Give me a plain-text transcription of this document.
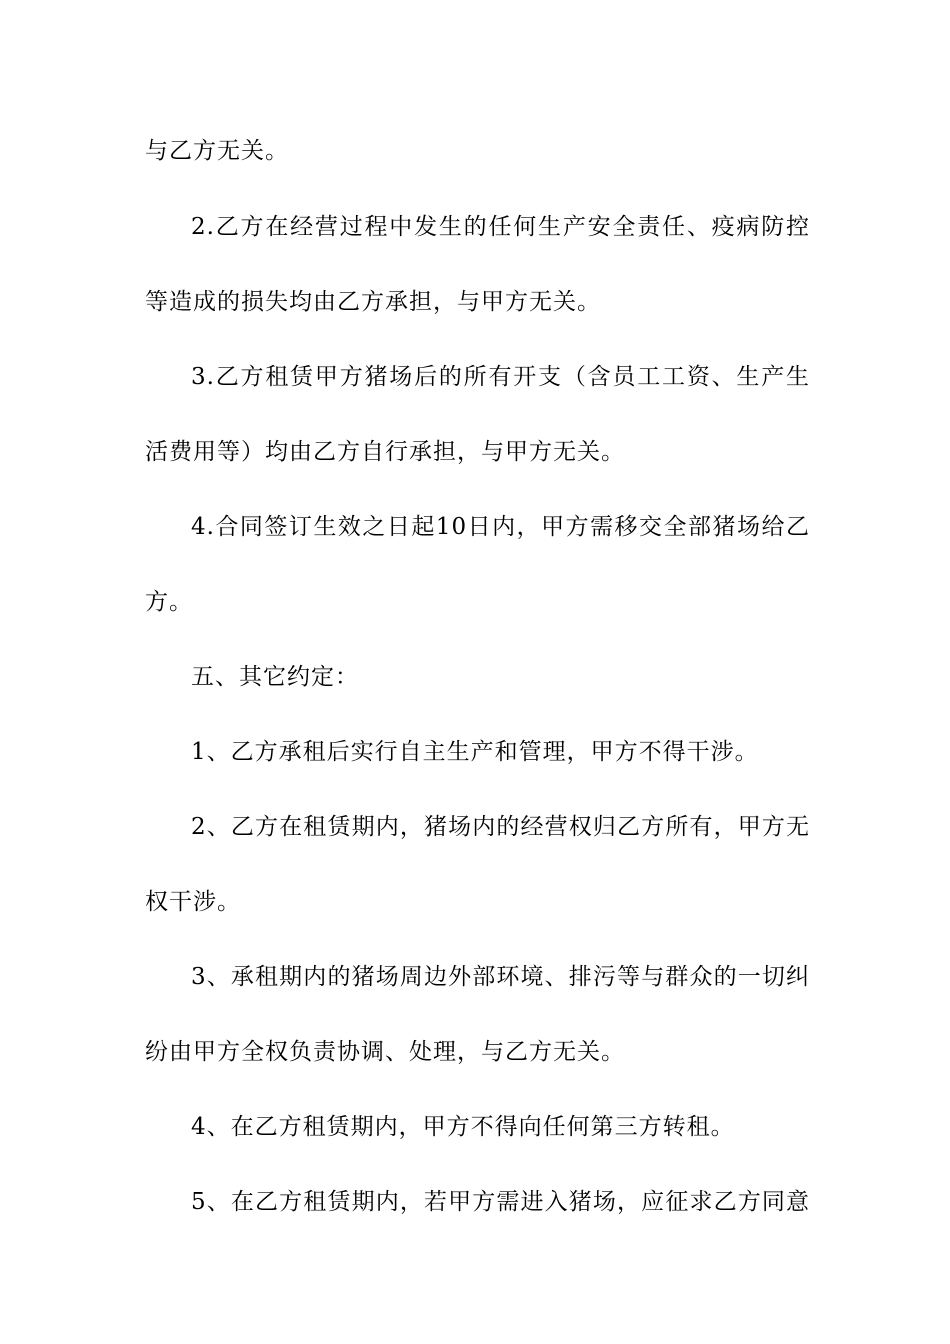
与乙方无关。
2.乙方在经营过程中发生的任何生产安全责任、疫病防控
等造成的损失均由乙方承担，与甲方无关。
3.乙方租赁甲方猪场后的所有开支（含员工工资、生产生
活费用等）均由乙方自行承担，与甲方无关。
4.合同签订生效之日起10日内，甲方需移交全部猪场给乙
方。
五、其它约定：
1、乙方承租后实行自主生产和管理，甲方不得干涉。
2、乙方在租赁期内，猪场内的经营权归乙方所有，甲方无
权干涉。
3、承租期内的猪场周边外部环境、排污等与群众的一切纠
纷由甲方全权负责协调、处理，与乙方无关。
4、在乙方租赁期内，甲方不得向任何第三方转租。
5、在乙方租赁期内，若甲方需进入猪场，应征求乙方同意
